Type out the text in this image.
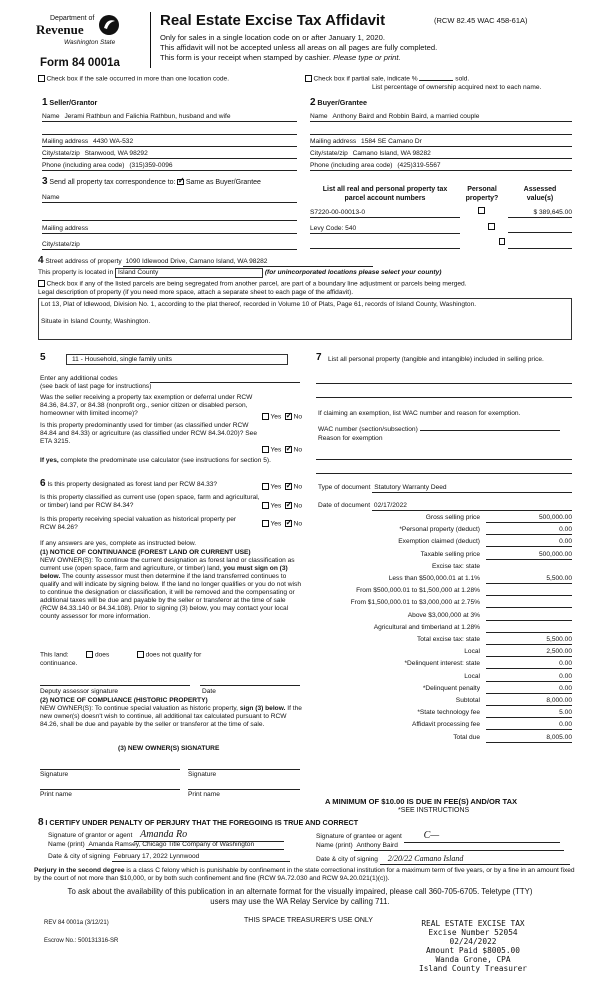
Department of
Revenue
Washington State
Form 84 0001a
Real Estate Excise Tax Affidavit	(RCW 82.45 WAC 458-61A)
Only for sales in a single location code on or after January 1, 2020.
This affidavit will not be accepted unless all areas on all pages are fully completed.
This form is your receipt when stamped by cashier. Please type or print.
Check box if the sale occurred in more than one location code.	Check box if partial sale, indicate %	sold.
List percentage of ownership acquired next to each name.
1 Seller/Grantor	2 Buyer/Grantee
Name Jerami Rathbun and Falichia Rathbun, husband and wife
Mailing address 4430 WA-532
City/state/zip Stanwood, WA 98292
Phone (including area code) (315)359-0096
Name Anthony Baird and Robbin Baird, a married couple
Mailing address 1584 SE Camano Dr
City/state/zip Camano Island, WA 98282
Phone (including area code) (425)319-5567
3 Send all property tax correspondence to: ✓ Same as Buyer/Grantee
Name
Mailing address
City/state/zip
List all real and personal property tax
parcel account numbers
Personal
property?
Assessed
value(s)
S7220-00-00013-0
	$ 389,645.00
Levy Code: 540

4 Street address of property 1090 Idlewood Drive, Camano Island, WA 98282
This property is located in Island County	(for unincorporated locations please select your county)
Check box if any of the listed parcels are being segregated from another parcel, are part of a boundary line adjustment or parcels being merged.
Legal description of property (if you need more space, attach a separate sheet to each page of the affidavit).
Lot 13, Plat of Idlewood, Division No. 1, according to the plat thereof, recorded in Volume 10 of Plats, Page 61, records of Island County, Washington.
Situate in Island County, Washington.
5	11 - Household, single family units
Enter any additional codes
(see back of last page for instructions)
Was the seller receiving a property tax exemption or deferral under RCW 84.36, 84.37, or 84.38 (nonprofit org., senior citizen or disabled person, homeowner with limited income)?	Yes ✓ No
Is this property predominantly used for timber (as classified under RCW 84.84 and 84.33) or agriculture (as classified under RCW 84.34.020)? See ETA 3215.
Yes ✓ No
If yes, complete the predominate use calculator (see instructions for section 5).
7 List all personal property (tangible and intangible) included in selling price.
If claiming an exemption, list WAC number and reason for exemption.
WAC number (section/subsection)
Reason for exemption
6 Is this property designated as forest land per RCW 84.33?	Yes ✓ No
Is this property classified as current use (open space, farm and agricultural, or timber) land per RCW 84.34?	Yes ✓ No
Is this property receiving special valuation as historical property per RCW 84.26?
Yes ✓ No
If any answers are yes, complete as instructed below.
(1) NOTICE OF CONTINUANCE (FOREST LAND OR CURRENT USE)
NEW OWNER(S): To continue the current designation as forest land or classification as current use (open space, farm and agriculture, or timber) land, you must sign on (3) below. The county assessor must then determine if the land transferred continues to qualify and will indicate by signing below. If the land no longer qualifies or you do not wish to continue the designation or classification, it will be removed and the compensating or additional taxes will be due and payable by the seller or transferor at the time of sale (RCW 84.33.140 or 84.34.108). Prior to signing (3) below, you may contact your local county assessor for more information.
This land:	does	does not qualify for
continuance.
Deputy assessor signature	Date
(2) NOTICE OF COMPLIANCE (HISTORIC PROPERTY)
NEW OWNER(S): To continue special valuation as historic property, sign (3) below. If the new owner(s) doesn't wish to continue, all additional tax calculated pursuant to RCW 84.26, shall be due and payable by the seller or transferor at the time of sale.
(3) NEW OWNER(S) SIGNATURE
Signature	Signature
Print name	Print name
Type of document Statutory Warranty Deed
Date of document 02/17/2022
Gross selling price	500,000.00
*Personal property (deduct)	0.00
Exemption claimed (deduct)	0.00
Taxable selling price	500,000.00
Excise tax: state
Less than $500,000.01 at 1.1%	5,500.00
From $500,000.01 to $1,500,000 at 1.28%
From $1,500,000.01 to $3,000,000 at 2.75%
Above $3,000,000 at 3%
Agricultural and timberland at 1.28%
Total excise tax: state	5,500.00
Local	2,500.00
*Delinquent interest: state	0.00
Local	0.00
*Delinquent penalty	0.00
Subtotal	8,000.00
*State technology fee	5.00
Affidavit processing fee	0.00
Total due	8,005.00
A MINIMUM OF $10.00 IS DUE IN FEE(S) AND/OR TAX
*SEE INSTRUCTIONS
8 I CERTIFY UNDER PENALTY OF PERJURY THAT THE FOREGOING IS TRUE AND CORRECT
Signature of grantor or agent Amanda Ro
Name (print) Amanda Ramsey, Chicago Title Company of Washington
Date & city of signing February 17, 2022 Lynnwood
Signature of grantee or agent C—
Name (print) Anthony Baird
Date & city of signing 2/20/22 Camano Island
Perjury in the second degree is a class C felony which is punishable by confinement in the state correctional institution for a maximum term of five years, or by a fine in an amount fixed by the court of not more than $10,000, or by both such confinement and fine (RCW 9A.72.030 and RCW 9A.20.021(1)(c)).
To ask about the availability of this publication in an alternate format for the visually impaired, please call 360-705-6705. Teletype (TTY) users may use the WA Relay Service by calling 711.
REV 84 0001a (3/12/21)	THIS SPACE TREASURER'S USE ONLY
Escrow No.: 500131316-SR
REAL ESTATE EXCISE TAX
Excise Number 52054
02/24/2022
Amount Paid $8005.00
Wanda Grone, CPA
Island County Treasurer
